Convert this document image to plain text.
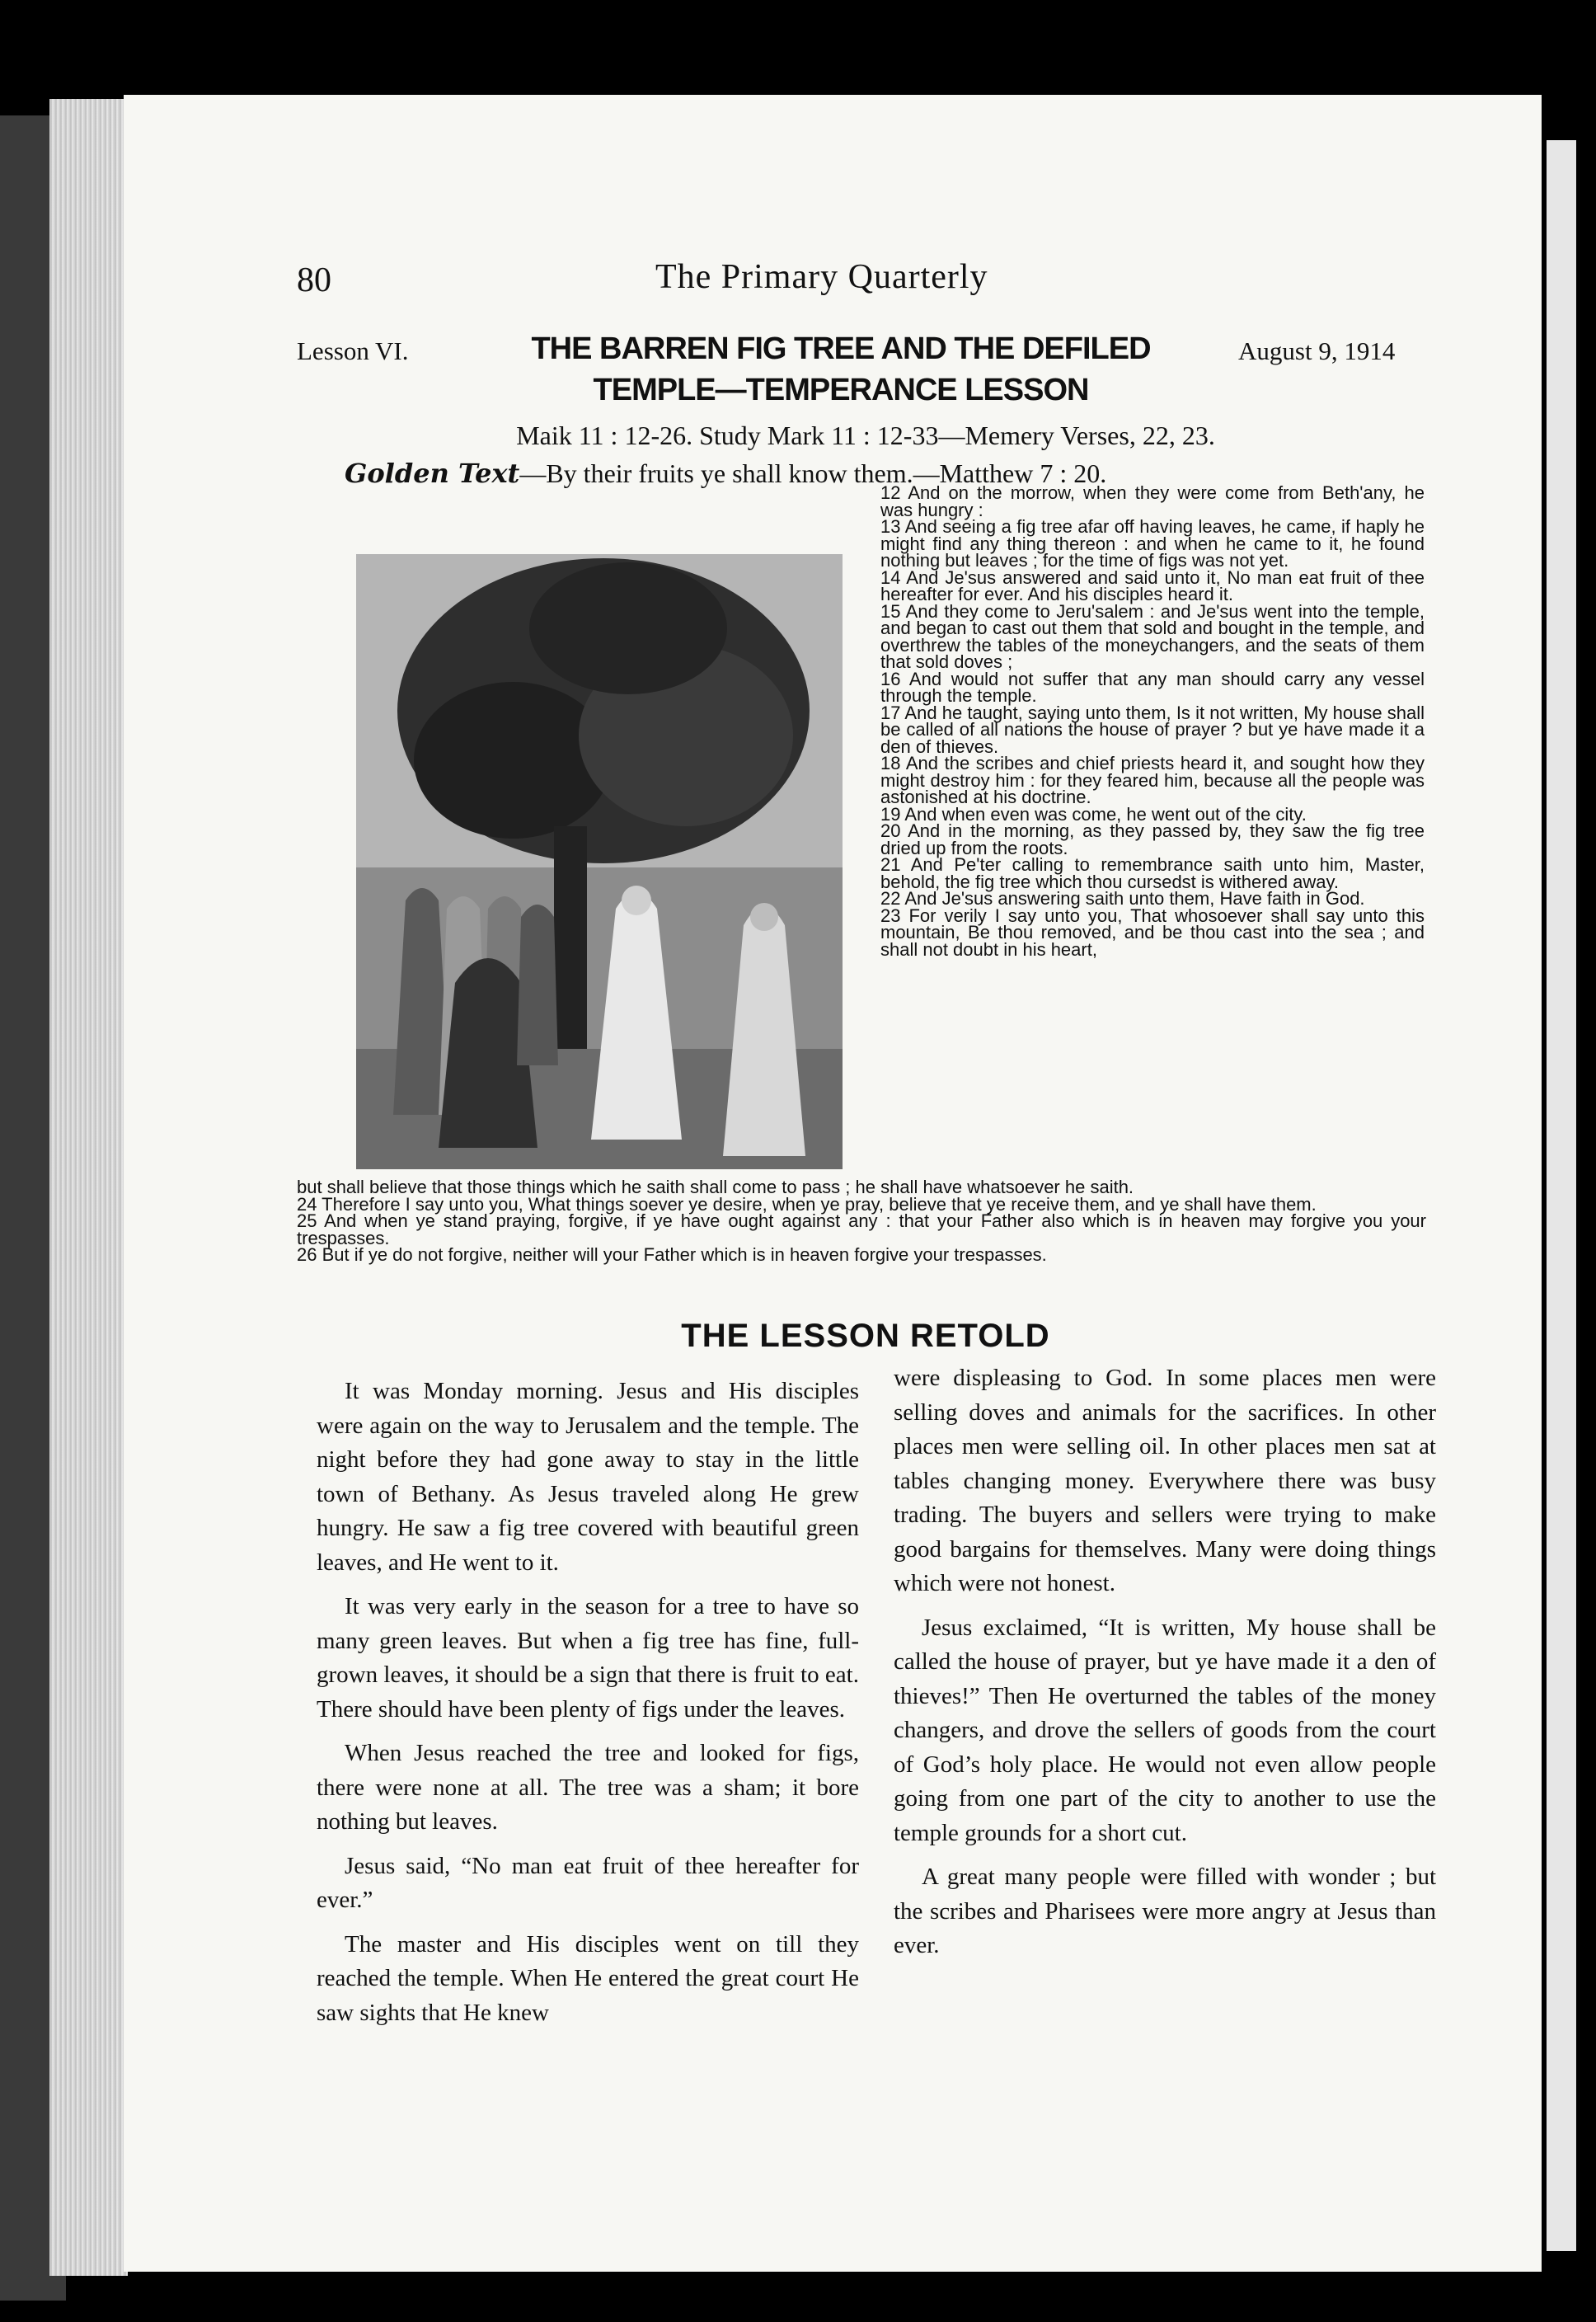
80	The Primary Quarterly
Lesson VI.	THE BARREN FIG TREE AND THE DEFILED
TEMPLE—TEMPERANCE LESSON
August 9, 1914
Maik 11 : 12-26. Study Mark 11 : 12-33—Memery Verses, 22, 23.
Golden Text—By their fruits ye shall know them.—Matthew 7 : 20.

12 And on the morrow, when they were come from Beth'any, he was hungry :

13 And seeing a fig tree afar off having leaves, he came, if haply he might find any thing thereon : and when he came to it, he found nothing but leaves ; for the time of figs was not yet.

14 And Je'sus answered and said unto it, No man eat fruit of thee hereafter for ever. And his disciples heard it.

15 And they come to Jeru'salem : and Je'sus went into the temple, and began to cast out them that sold and bought in the temple, and overthrew the tables of the moneychangers, and the seats of them that sold doves ;

16 And would not suffer that any man should carry any vessel through the temple.

17 And he taught, saying unto them, Is it not written, My house shall be called of all nations the house of prayer ? but ye have made it a den of thieves.

18 And the scribes and chief priests heard it, and sought how they might destroy him : for they feared him, because all the people was astonished at his doctrine.

19 And when even was come, he went out of the city.

20 And in the morning, as they passed by, they saw the fig tree dried up from the roots.

21 And Pe'ter calling to remembrance saith unto him, Master, behold, the fig tree which thou cursedst is withered away.

22 And Je'sus answering saith unto them, Have faith in God.

23 For verily I say unto you, That whosoever shall say unto this mountain, Be thou removed, and be thou cast into the sea ; and shall not doubt in his heart,

but shall believe that those things which he saith shall come to pass ; he shall have whatsoever he saith.

24 Therefore I say unto you, What things soever ye desire, when ye pray, believe that ye receive them, and ye shall have them.

25 And when ye stand praying, forgive, if ye have ought against any : that your Father also which is in heaven may forgive you your trespasses.

26 But if ye do not forgive, neither will your Father which is in heaven forgive your trespasses.

THE LESSON RETOLD

It was Monday morning. Jesus and His disciples were again on the way to Jerusalem and the temple. The night before they had gone away to stay in the little town of Bethany. As Jesus traveled along He grew hungry. He saw a fig tree covered with beautiful green leaves, and He went to it.

It was very early in the season for a tree to have so many green leaves. But when a fig tree has fine, full-grown leaves, it should be a sign that there is fruit to eat. There should have been plenty of figs under the leaves.

When Jesus reached the tree and looked for figs, there were none at all. The tree was a sham; it bore nothing but leaves.

Jesus said, “No man eat fruit of thee hereafter for ever.”

The master and His disciples went on till they reached the temple. When He entered the great court He saw sights that He knew

were displeasing to God. In some places men were selling doves and animals for the sacrifices. In other places men were selling oil. In other places men sat at tables changing money. Everywhere there was busy trading. The buyers and sellers were trying to make good bargains for themselves. Many were doing things which were not honest.

Jesus exclaimed, “It is written, My house shall be called the house of prayer, but ye have made it a den of thieves!” Then He overturned the tables of the money changers, and drove the sellers of goods from the court of God’s holy place. He would not even allow people going from one part of the city to another to use the temple grounds for a short cut.

A great many people were filled with wonder ; but the scribes and Pharisees were more angry at Jesus than ever.
